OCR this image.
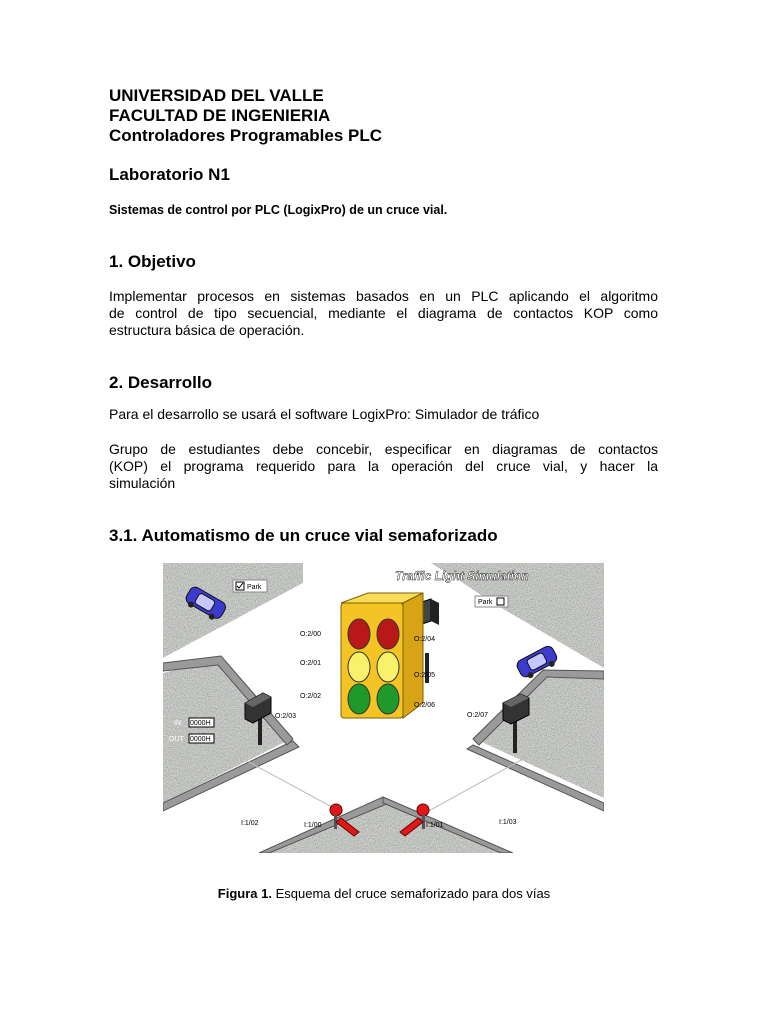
UNIVERSIDAD DEL VALLE
FACULTAD DE INGENIERIA
Controladores Programables PLC
Laboratorio N1
Sistemas de control por PLC (LogixPro) de un cruce vial.
1. Objetivo
Implementar procesos en sistemas basados en un PLC aplicando el algoritmo
de control de tipo secuencial, mediante el diagrama de contactos KOP como
estructura básica de operación.
2. Desarrollo
Para el desarrollo se usará el software LogixPro: Simulador de tráfico
Grupo de estudiantes debe concebir, especificar en diagramas de contactos
(KOP) el programa requerido para la operación del cruce vial, y hacer la
simulación
3.1. Automatismo de un cruce vial semaforizado
Traffic Light Simulation
Park
Park
IN 0000H
OUT 0000H
O:2/00
O:2/01
O:2/02
O:2/03
O:2/04
O:2/05
O:2/06
O:2/07
I:1/02	I:1/00	I:1/01	I:1/03
Figura 1. Esquema del cruce semaforizado para dos vías
